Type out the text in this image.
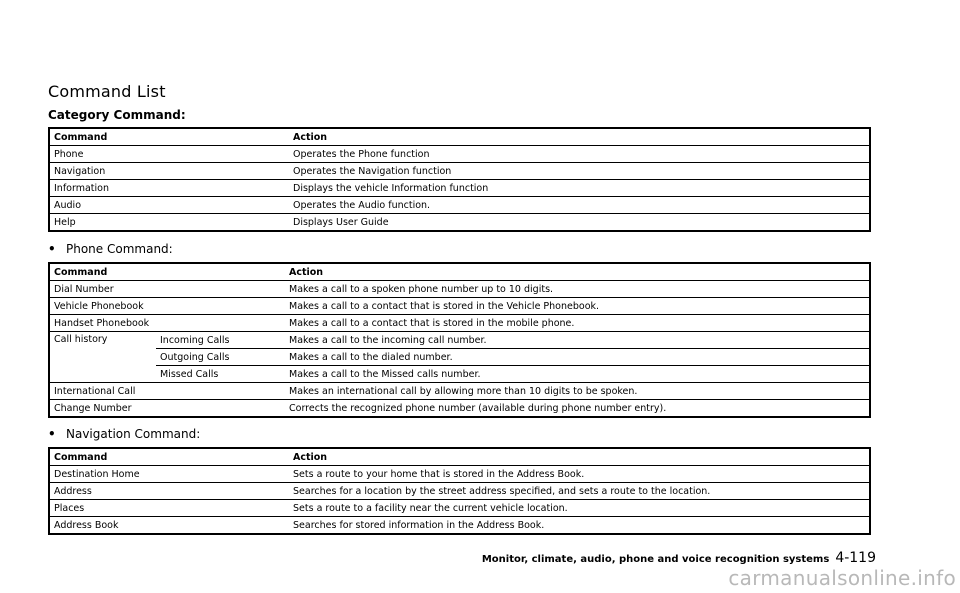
Command List
Category Command:
Command	Action
Phone	Operates the Phone function
Navigation	Operates the Navigation function
Information	Displays the vehicle Information function
Audio	Operates the Audio function.
Help	Displays User Guide
• Phone Command:
Command		Action
Dial Number		Makes a call to a spoken phone number up to 10 digits.
Vehicle Phonebook		Makes a call to a contact that is stored in the Vehicle Phonebook.
Handset Phonebook		Makes a call to a contact that is stored in the mobile phone.
Call history	Incoming Calls	Makes a call to the incoming call number.
	Outgoing Calls	Makes a call to the dialed number.
	Missed Calls	Makes a call to the Missed calls number.
International Call		Makes an international call by allowing more than 10 digits to be spoken.
Change Number		Corrects the recognized phone number (available during phone number entry).
• Navigation Command:
Command	Action
Destination Home	Sets a route to your home that is stored in the Address Book.
Address	Searches for a location by the street address specified, and sets a route to the location.
Places	Sets a route to a facility near the current vehicle location.
Address Book	Searches for stored information in the Address Book.
Monitor, climate, audio, phone and voice recognition systems 4-119
carmanualsonline.info
